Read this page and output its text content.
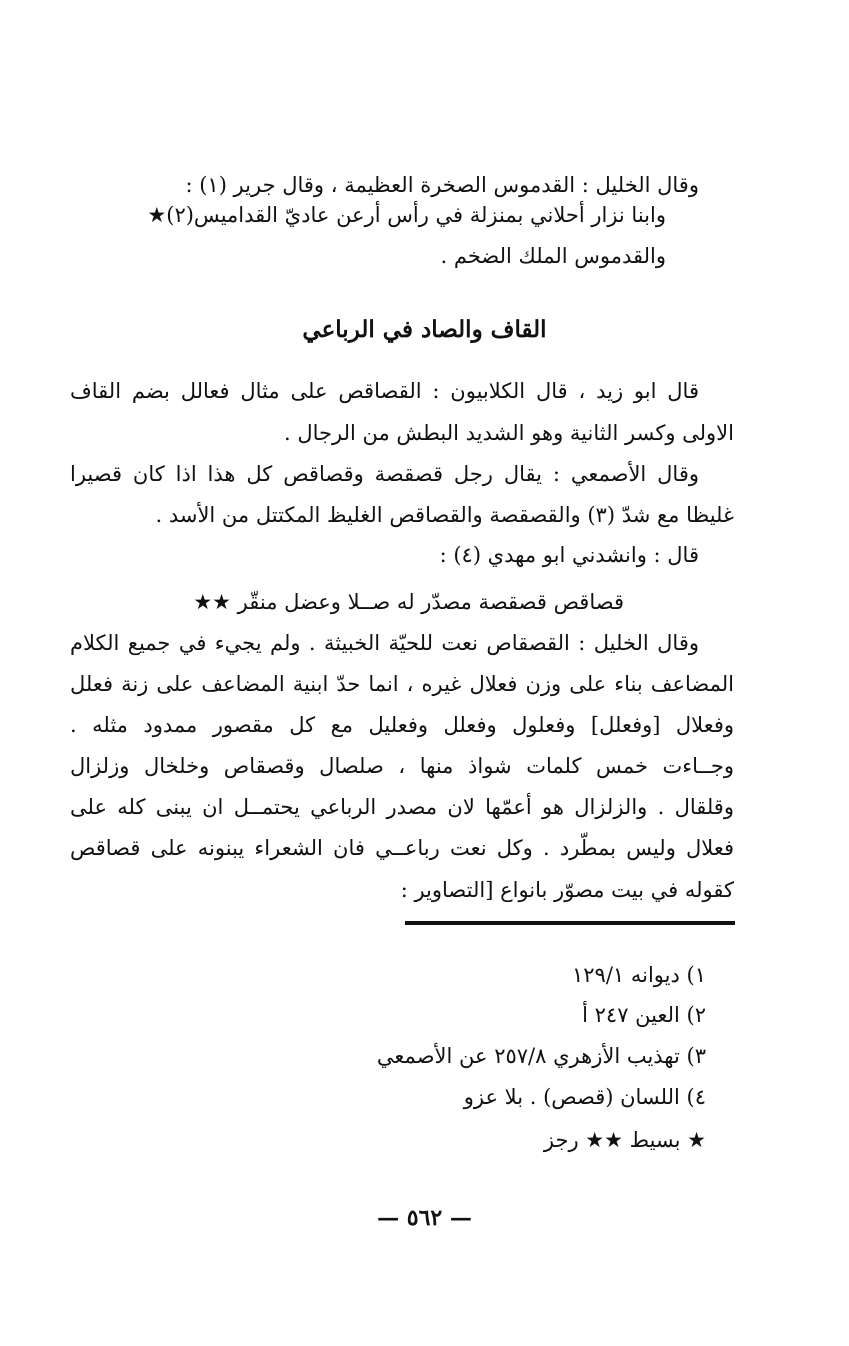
وقال الخليل : القدموس الصخرة العظيمة ، وقال جرير (١) :
وابنا نزار أحلاني بمنزلة في رأس أرعن عاديّ القداميس(٢)★
والقدموس الملك الضخم .
القاف والصاد في الرباعي
قال ابو زيد ، قال الكلابيون : القصاقص على مثال فعالل بضم القاف
الاولى وكسر الثانية وهو الشديد البطش من الرجال .
وقال الأصمعي : يقال رجل قصقصة وقصاقص كل هذا اذا كان قصيرا
غليظا مع شدّ (٣) والقصقصة والقصاقص الغليظ المكتتل من الأسد .
قال : وانشدني ابو مهدي (٤) :
قصاقص قصقصة مصدّر له صــلا وعضل منقّر ★★
وقال الخليل : القصقاص نعت للحيّة الخبيثة . ولم يجيء في جميع الكلام
المضاعف بناء على وزن فعلال غيره ، انما حدّ ابنية المضاعف على زنة فعلل
وفعلال [وفعلل] وفعلول وفعلل وفعليل مع كل مقصور ممدود مثله .
وجــاءت خمس كلمات شواذ منها ، صلصال وقصقاص وخلخال وزلزال
وقلقال . والزلزال هو أعمّها لان مصدر الرباعي يحتمــل ان يبنى كله على
فعلال وليس بمطّرد . وكل نعت رباعــي فان الشعراء يبنونه على قصاقص
كقوله في بيت مصوّر بانواع [التصاوير :
١) ديوانه ١٢٩/١
٢) العين ٢٤٧ أ
٣) تهذيب الأزهري ٢٥٧/٨ عن الأصمعي
٤) اللسان (قصص) . بلا عزو
★ بسيط ★★ رجز
— ٥٦٢ —
